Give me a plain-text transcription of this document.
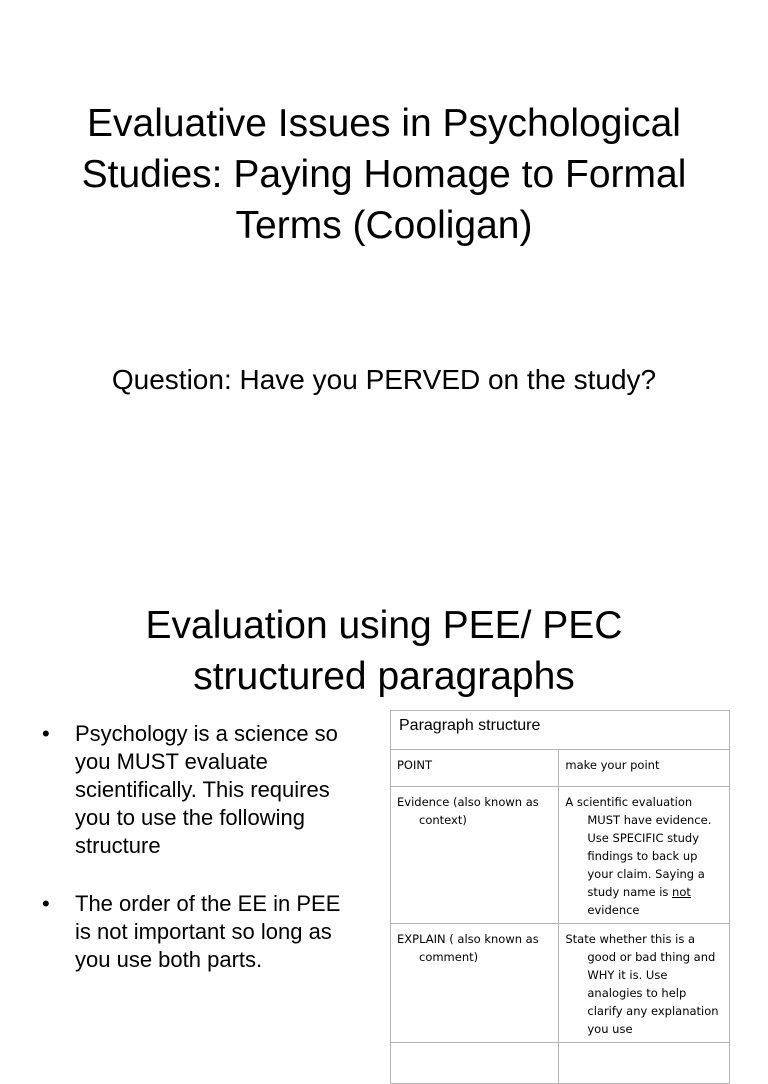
Evaluative Issues in Psychological Studies: Paying Homage to Formal Terms (Cooligan)
Question: Have you PERVED on the study?
Evaluation using PEE/ PEC structured paragraphs
• Psychology is a science so you MUST evaluate scientifically. This requires you to use the following structure
• The order of the EE in PEE is not important so long as you use both parts.
Paragraph structure	

POINT	make your point

Evidence (also known as context)	A scientific evaluation MUST have evidence. Use SPECIFIC study findings to back up your claim. Saying a study name is not evidence

EXPLAIN ( also known as comment)	State whether this is a good or bad thing and WHY it is. Use analogies to help clarify any explanation you use
